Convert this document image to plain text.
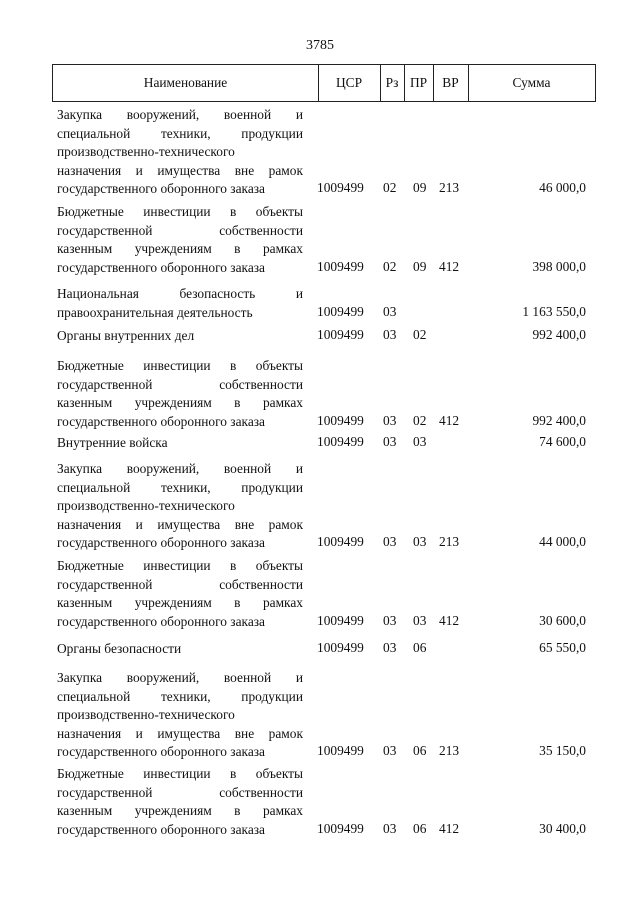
3785
Наименование	ЦСР	Рз ПР	ВР	Сумма
Закупка вооружений, военной и
специальной техники, продукции
производственно-технического
назначения и имущества вне рамок
государственного оборонного заказа	1009499 02 09 213	46 000,0
Бюджетные инвестиции в объекты
государственной собственности
казенным учреждениям в рамках
государственного оборонного заказа	1009499 02 09 412	398 000,0
Национальная безопасность и
правоохранительная деятельность	1009499 03	1 163 550,0
Органы внутренних дел	1009499 03 02	992 400,0
Бюджетные инвестиции в объекты
государственной собственности
казенным учреждениям в рамках
государственного оборонного заказа	1009499 03 02 412	992 400,0
Внутренние войска	1009499 03 03	74 600,0
Закупка вооружений, военной и
специальной техники, продукции
производственно-технического
назначения и имущества вне рамок
государственного оборонного заказа	1009499 03 03 213	44 000,0
Бюджетные инвестиции в объекты
государственной собственности
казенным учреждениям в рамках
государственного оборонного заказа	1009499 03 03 412	30 600,0
Органы безопасности	1009499 03 06	65 550,0
Закупка вооружений, военной и
специальной техники, продукции
производственно-технического
назначения и имущества вне рамок
государственного оборонного заказа	1009499 03 06 213	35 150,0
Бюджетные инвестиции в объекты
государственной собственности
казенным учреждениям в рамках
государственного оборонного заказа	1009499 03 06 412	30 400,0
